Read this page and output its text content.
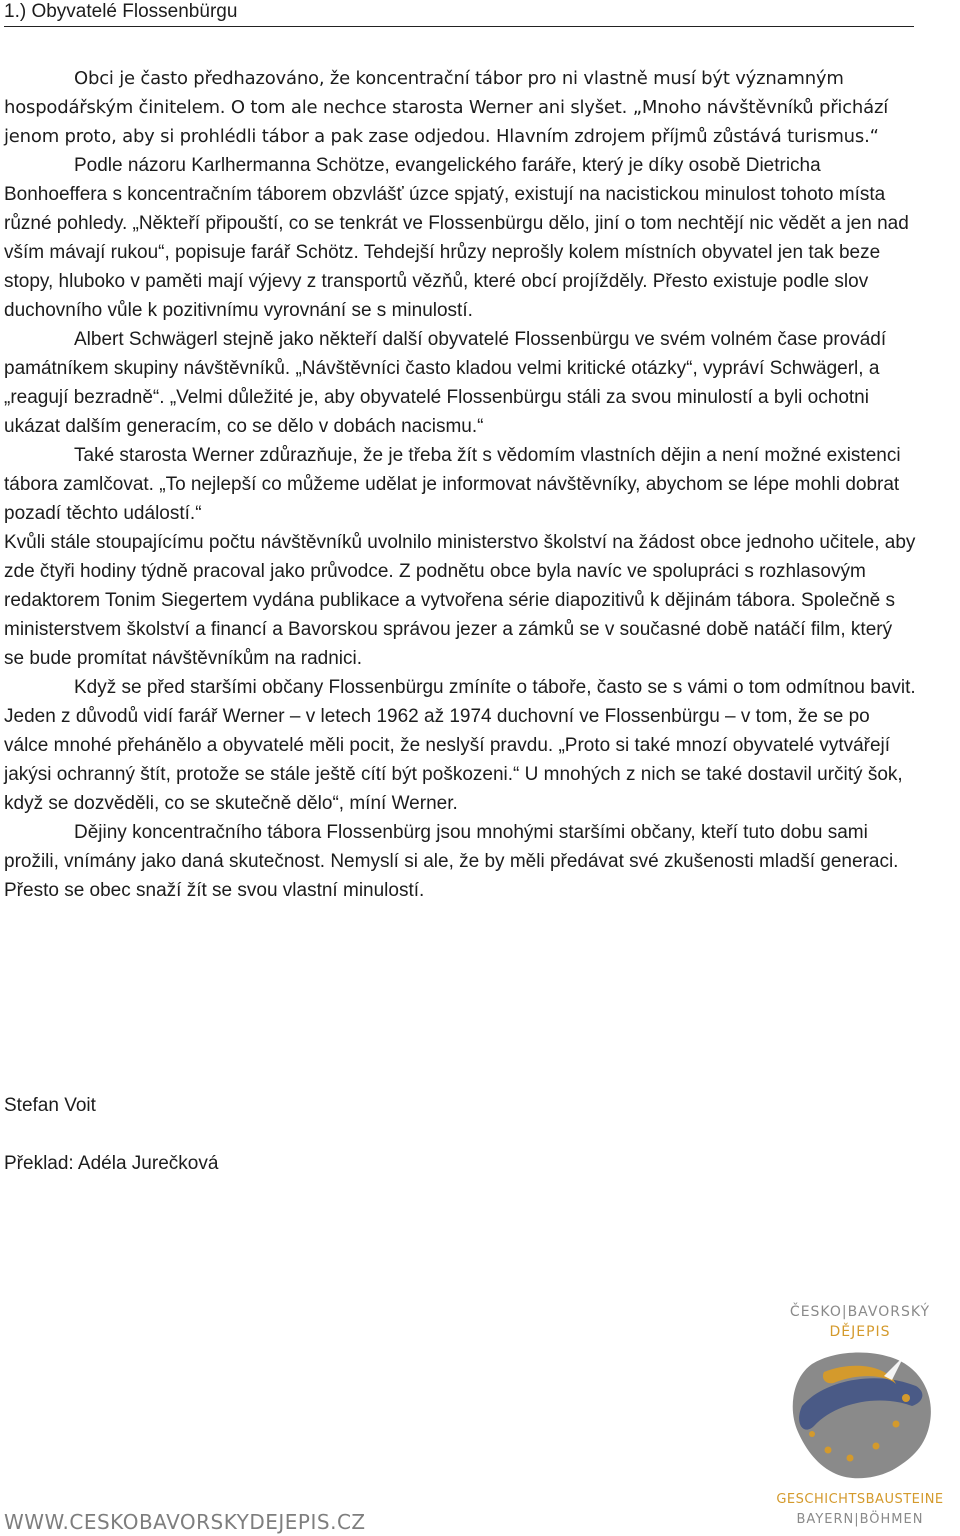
1.) Obyvatelé Flossenbürgu

Obci je často předhazováno, že koncentrační tábor pro ni vlastně musí být významným hospodářským činitelem. O tom ale nechce starosta Werner ani slyšet. „Mnoho návštěvníků přichází jenom proto, aby si prohlédli tábor a pak zase odjedou. Hlavním zdrojem příjmů zůstává turismus.“

Podle názoru Karlhermanna Schötze, evangelického faráře, který je díky osobě Dietricha Bonhoeffera s koncentračním táborem obzvlášť úzce spjatý, existují na nacistickou minulost tohoto místa různé pohledy. „Někteří připouští, co se tenkrát ve Flossenbürgu dělo, jiní o tom nechtějí nic vědět a jen nad vším mávají rukou“, popisuje farář Schötz. Tehdejší hrůzy neprošly kolem místních obyvatel jen tak beze stopy, hluboko v paměti mají výjevy z transportů vězňů, které obcí projížděly. Přesto existuje podle slov duchovního vůle k pozitivnímu vyrovnání se s minulostí.

Albert Schwägerl stejně jako někteří další obyvatelé Flossenbürgu ve svém volném čase provádí památníkem skupiny návštěvníků. „Návštěvníci často kladou velmi kritické otázky“, vypráví Schwägerl, a „reagují bezradně“. „Velmi důležité je, aby obyvatelé Flossenbürgu stáli za svou minulostí a byli ochotni ukázat dalším generacím, co se dělo v dobách nacismu.“

Také starosta Werner zdůrazňuje, že je třeba žít s vědomím vlastních dějin a není možné existenci tábora zamlčovat. „To nejlepší co můžeme udělat je informovat návštěvníky, abychom se lépe mohli dobrat pozadí těchto událostí.“

Kvůli stále stoupajícímu počtu návštěvníků uvolnilo ministerstvo školství na žádost obce jednoho učitele, aby zde čtyři hodiny týdně pracoval jako průvodce. Z podnětu obce byla navíc ve spolupráci s rozhlasovým redaktorem Tonim Siegertem vydána publikace a vytvořena série diapozitivů k dějinám tábora. Společně s ministerstvem školství a financí a Bavorskou správou jezer a zámků se v současné době natáčí film, který se bude promítat návštěvníkům na radnici.

Když se před staršími občany Flossenbürgu zmíníte o táboře, často se s vámi o tom odmítnou bavit. Jeden z důvodů vidí farář Werner – v letech 1962 až 1974 duchovní ve Flossenbürgu – v tom, že se po válce mnohé přehánělo a obyvatelé měli pocit, že neslyší pravdu. „Proto si také mnozí obyvatelé vytvářejí jakýsi ochranný štít, protože se stále ještě cítí být poškozeni.“ U mnohých z nich se také dostavil určitý šok, když se dozvěděli, co se skutečně dělo“, míní Werner.

Dějiny koncentračního tábora Flossenbürg jsou mnohými staršími občany, kteří tuto dobu sami prožili, vnímány jako daná skutečnost. Nemyslí si ale, že by měli předávat své zkušenosti mladší generaci. Přesto se obec snaží žít se svou vlastní minulostí.

Stefan Voit
Překlad: Adéla Jurečková
WWW.CESKOBAVORSKYDEJEPIS.CZ
ČESKO|BAVORSKÝ
DĚJEPIS
GESCHICHTSBAUSTEINE
BAYERN|BÖHMEN
